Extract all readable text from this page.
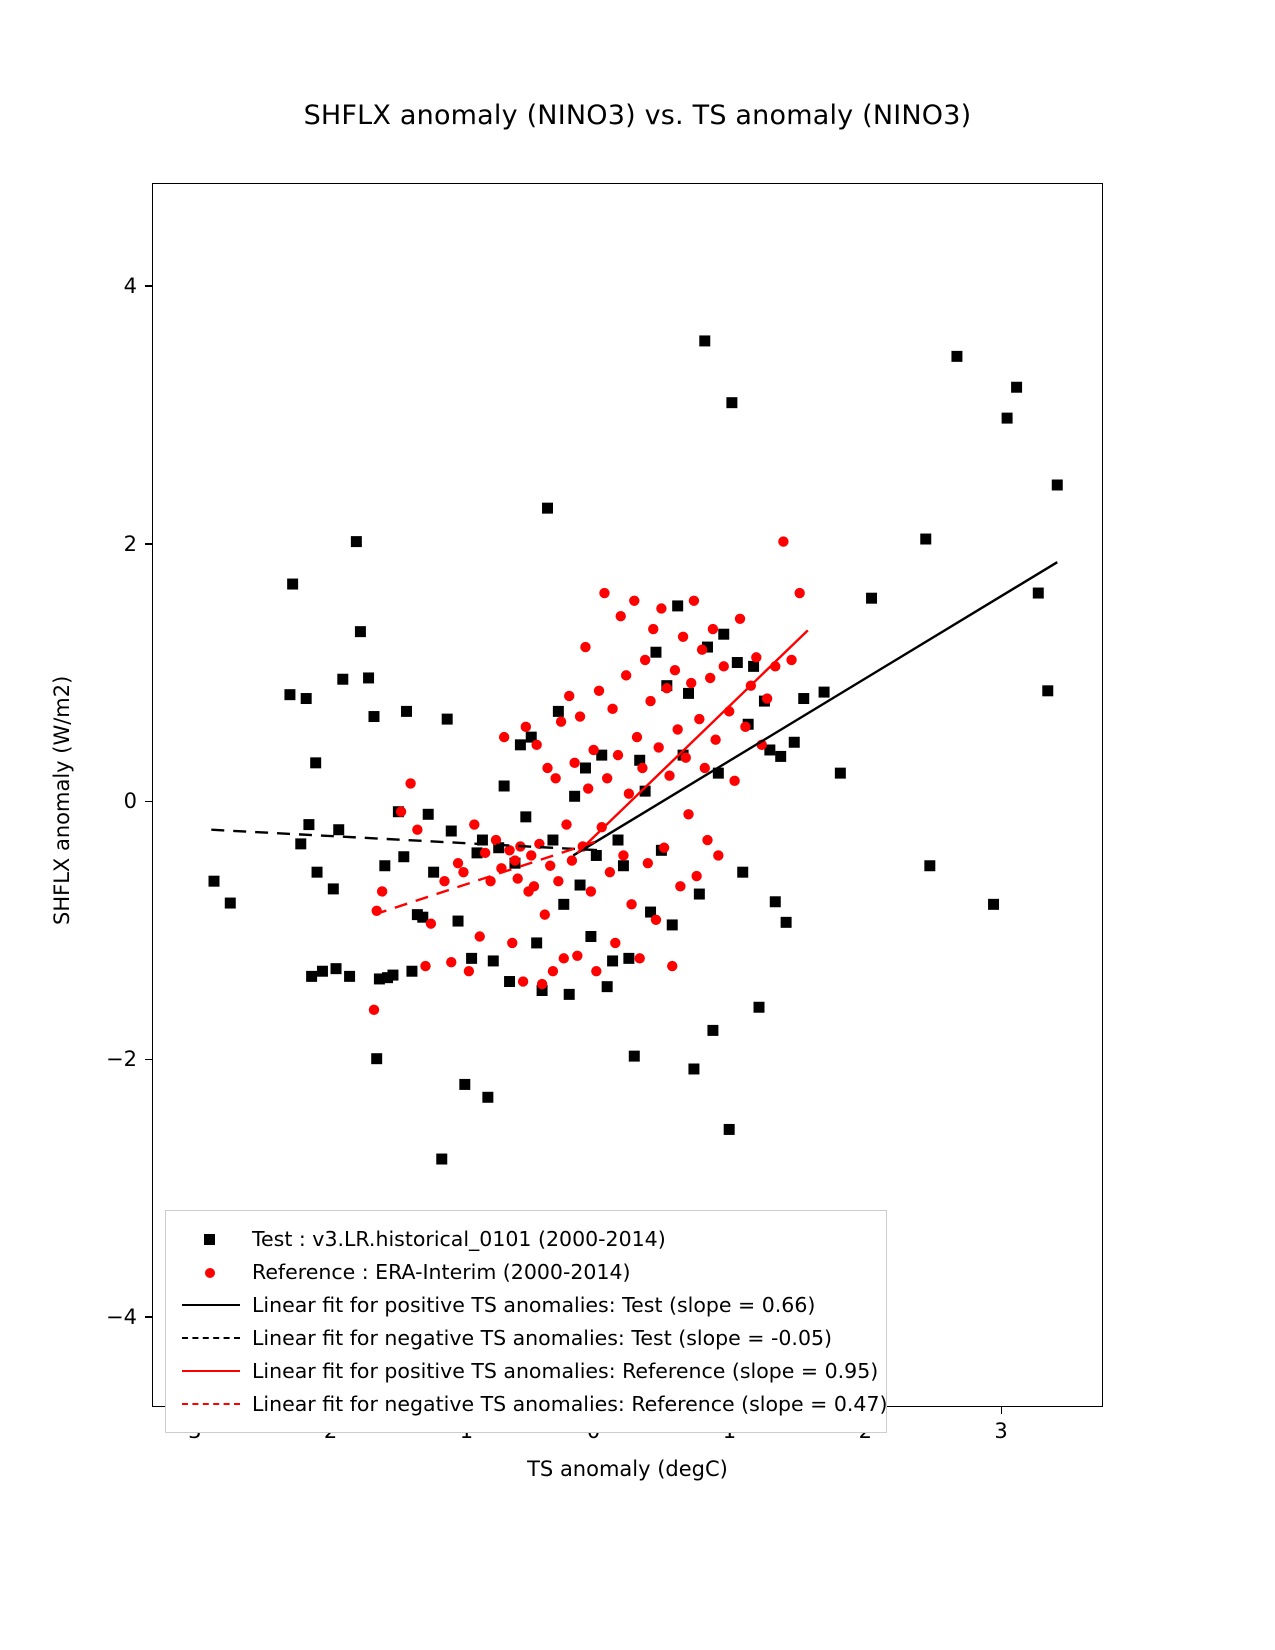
SHFLX anomaly (NINO3) vs. TS anomaly (NINO3)
−4
−2
0
2
4
3
SHFLX anomaly (W/m2)
TS anomaly (degC)
Test : v3.LR.historical_0101 (2000-2014)
Reference : ERA-Interim (2000-2014)
Linear fit for positive TS anomalies: Test (slope = 0.66)
Linear fit for negative TS anomalies: Test (slope = -0.05)
Linear fit for positive TS anomalies: Reference (slope = 0.95)
Linear fit for negative TS anomalies: Reference (slope = 0.47)
